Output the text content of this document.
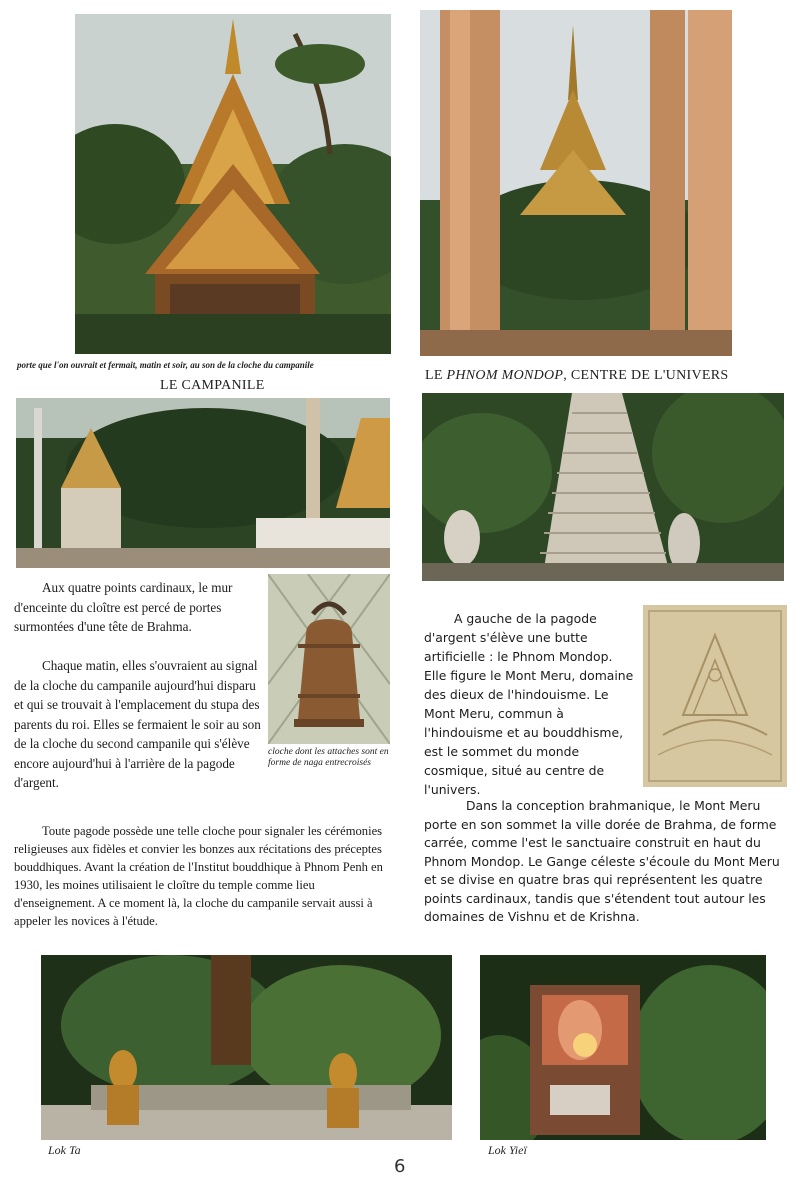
porte que l'on ouvrait et fermait, matin et soir, au son de la cloche du campanile
LE CAMPANILE
LE PHNOM MONDOP, CENTRE DE L'UNIVERS
cloche dont les attaches sont en forme de naga entrecroisés

Aux quatre points cardinaux, le mur d'enceinte du cloître est percé de portes surmontées d'une tête de Brahma.

Chaque matin, elles s'ouvraient au signal de la cloche du campanile aujourd'hui disparu et qui se trouvait à l'emplacement du stupa des parents du roi. Elles se fermaient le soir au son de la cloche du second campanile qui s'élève encore aujourd'hui à l'arrière de la pagode d'argent.

Toute pagode possède une telle cloche pour signaler les cérémonies religieuses aux fidèles et convier les bonzes aux récitations des préceptes bouddhiques. Avant la création de l'Institut bouddhique à Phnom Penh en 1930, les moines utilisaient le cloître du temple comme lieu d'enseignement. A ce moment là, la cloche du campanile servait aussi à appeler les novices à l'étude.

A gauche de la pagode d'argent s'élève une butte artificielle : le Phnom Mondop. Elle figure le Mont Meru, domaine des dieux de l'hindouisme. Le Mont Meru, commun à l'hindouisme et au bouddhisme, est le sommet du monde cosmique, situé au centre de l'univers.

Dans la conception brahmanique, le Mont Meru porte en son sommet la ville dorée de Brahma, de forme carrée, comme l'est le sanctuaire construit en haut du Phnom Mondop. Le Gange céleste s'écoule du Mont Meru et se divise en quatre bras qui représentent les quatre points cardinaux, tandis que s'étendent tout autour les domaines de Vishnu et de Krishna.

Lok Ta	Lok Yieï
6
